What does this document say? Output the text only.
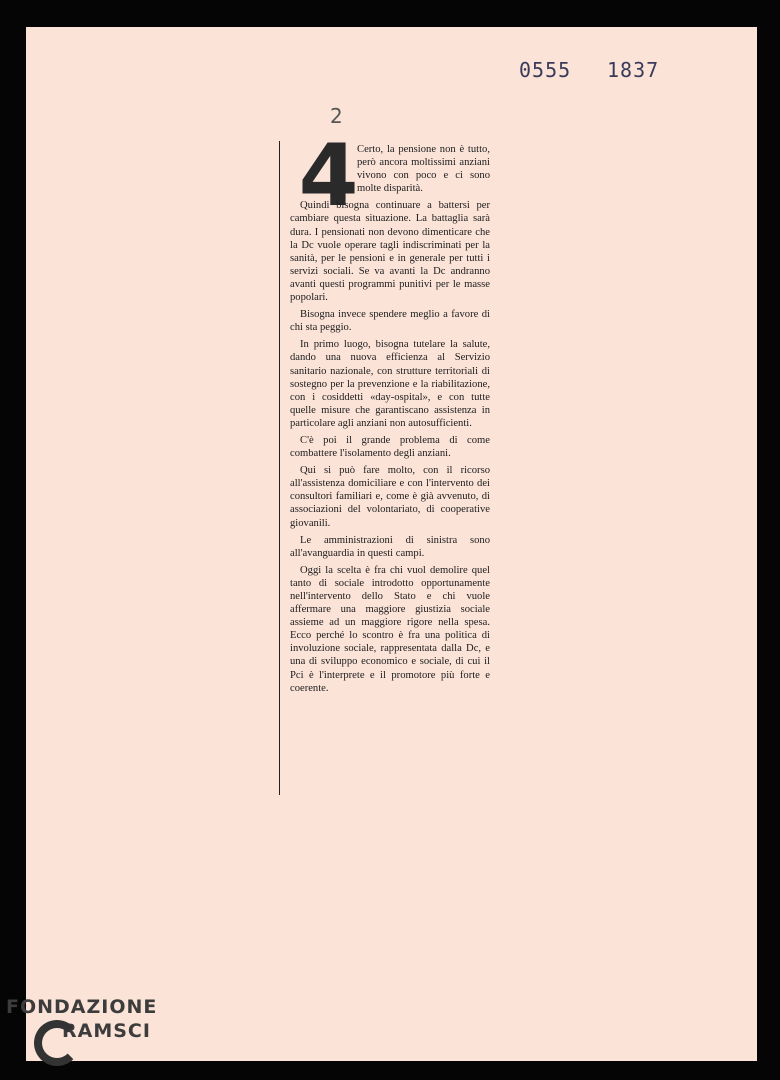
0555 1837
2
4 Certo, la pensione non è tutto, però ancora moltissimi anziani vivono con poco e ci sono molte disparità.

Quindi bisogna continuare a battersi per cambiare questa situazione. La battaglia sarà dura. I pensionati non devono dimenticare che la Dc vuole operare tagli indiscriminati per la sanità, per le pensioni e in generale per tutti i servizi sociali. Se va avanti la Dc andranno avanti questi programmi punitivi per le masse popolari.

Bisogna invece spendere meglio a favore di chi sta peggio.

In primo luogo, bisogna tutelare la salute, dando una nuova efficienza al Servizio sanitario nazionale, con strutture territoriali di sostegno per la prevenzione e la riabilitazione, con i cosiddetti «day-ospital», e con tutte quelle misure che garantiscano assistenza in particolare agli anziani non autosufficienti.

C'è poi il grande problema di come combattere l'isolamento degli anziani.

Qui si può fare molto, con il ricorso all'assistenza domiciliare e con l'intervento dei consultori familiari e, come è già avvenuto, di associazioni del volontariato, di cooperative giovanili.

Le amministrazioni di sinistra sono all'avanguardia in questi campi.

Oggi la scelta è fra chi vuol demolire quel tanto di sociale introdotto opportunamente nell'intervento dello Stato e chi vuole affermare una maggiore giustizia sociale assieme ad un maggiore rigore nella spesa. Ecco perché lo scontro è fra una politica di involuzione sociale, rappresentata dalla Dc, e una di sviluppo economico e sociale, di cui il Pci è l'interprete e il promotore più forte e coerente.

FONDAZIONE
RAMSCI
